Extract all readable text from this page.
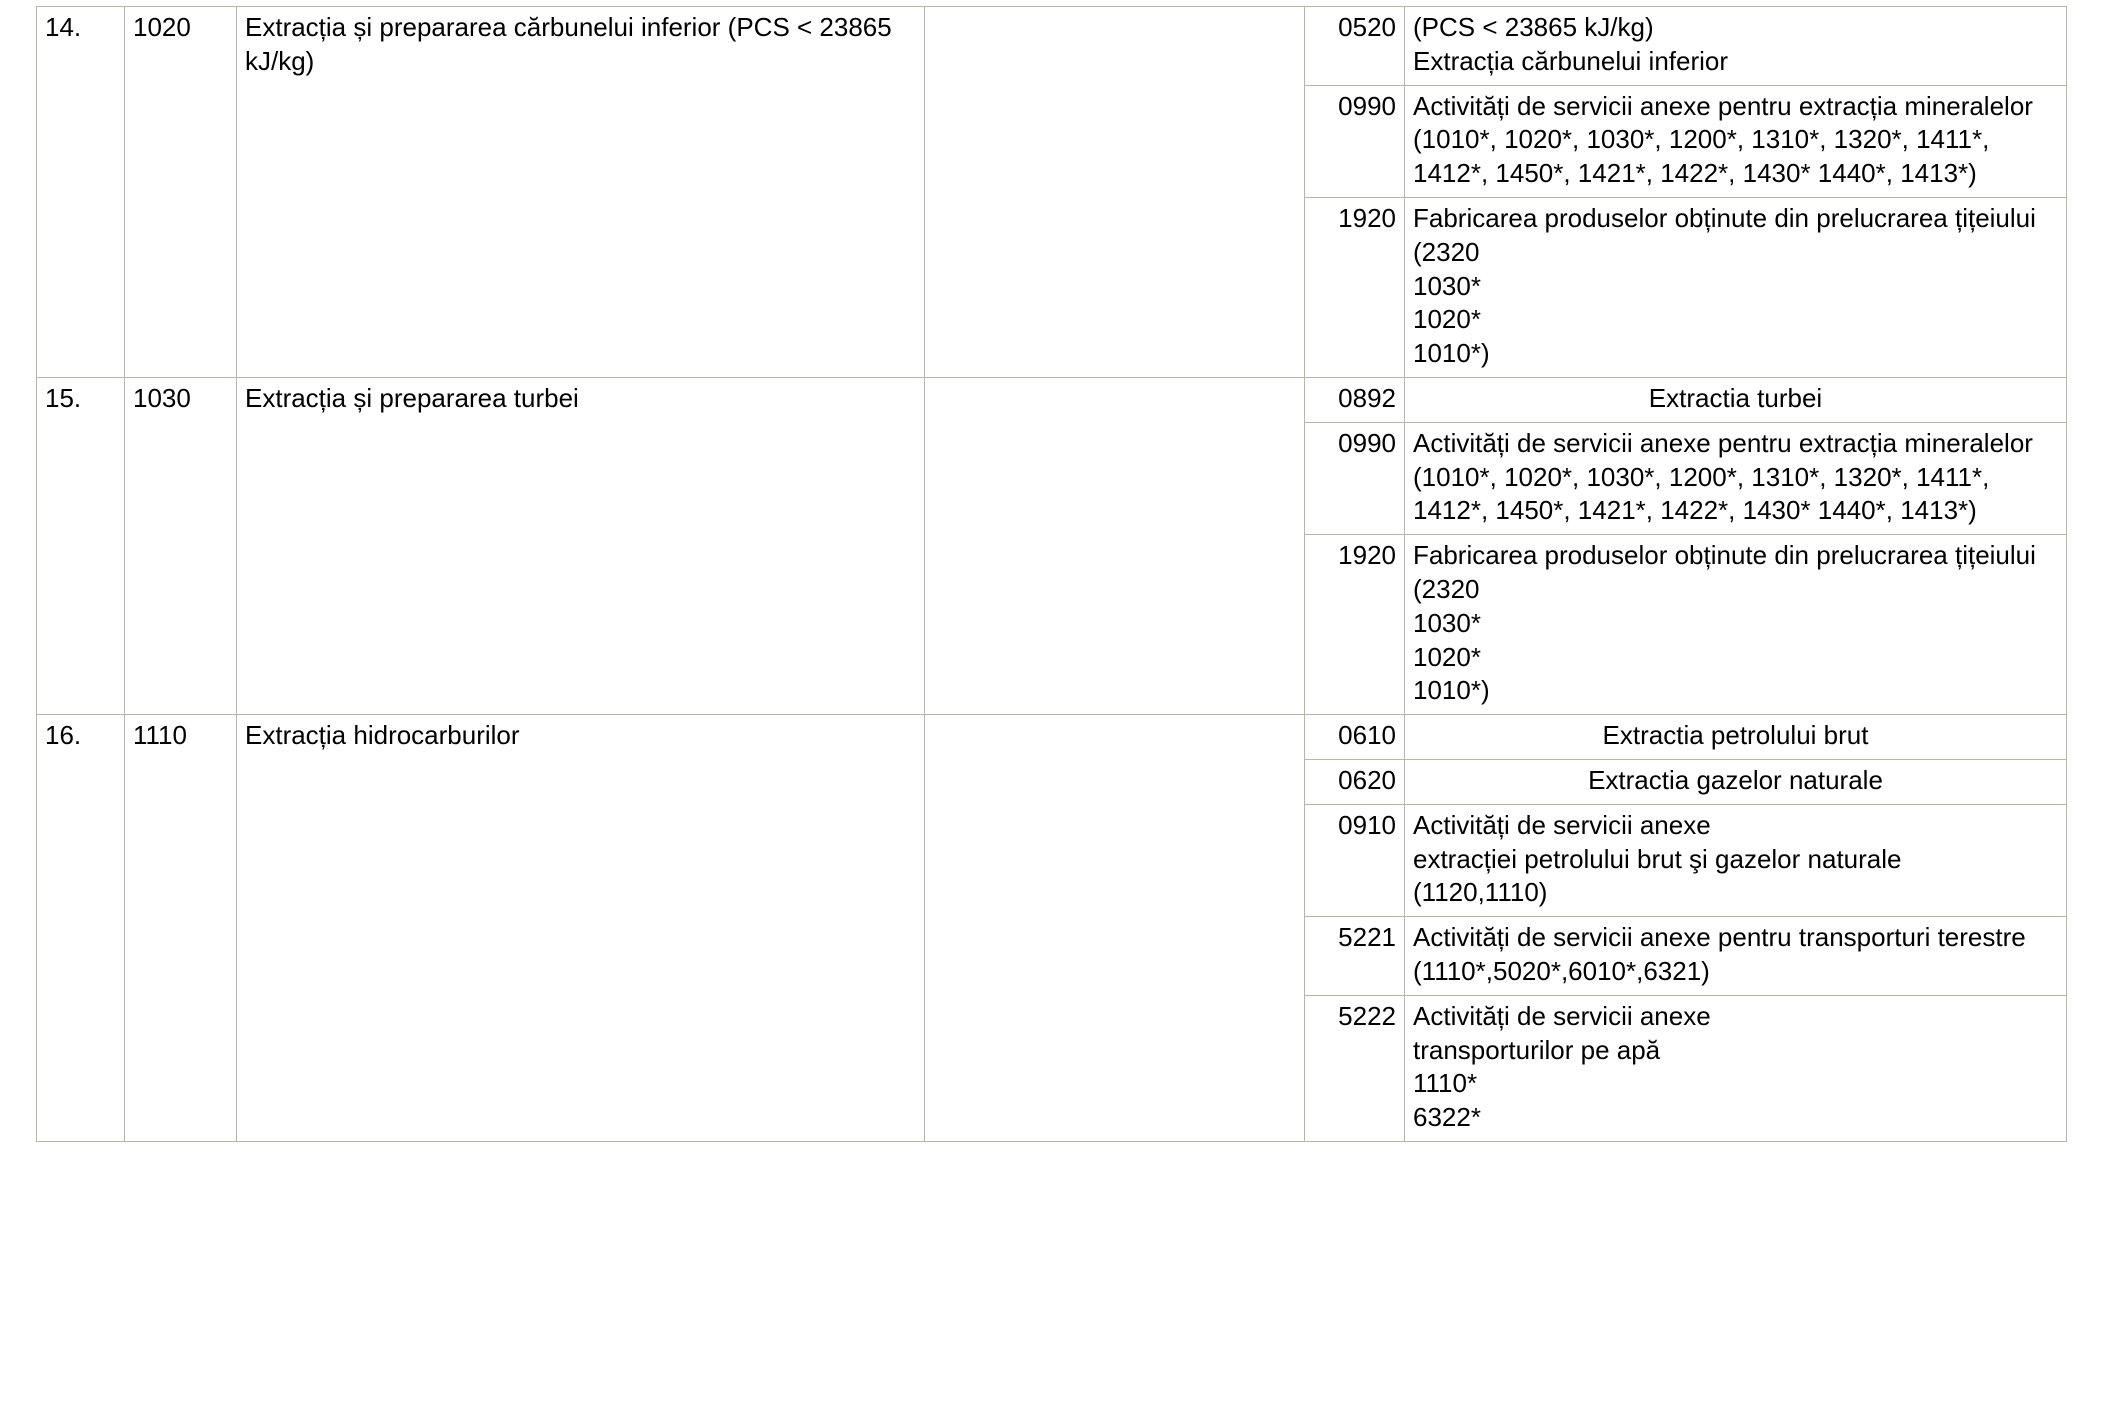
14.	1020	Extracția și prepararea cărbunelui inferior (PCS < 23865 kJ/kg)		0520	(PCS < 23865 kJ/kg)
Extracția cărbunelui inferior
				0990	Activități de servicii anexe pentru extracția mineralelor
(1010*, 1020*, 1030*, 1200*, 1310*, 1320*, 1411*, 1412*, 1450*, 1421*, 1422*, 1430* 1440*, 1413*)
				1920	Fabricarea produselor obținute din prelucrarea țițeiului (2320
1030*
1020*
1010*)
15.	1030	Extracția și prepararea turbei		0892	Extractia turbei
				0990	Activități de servicii anexe pentru extracția mineralelor
(1010*, 1020*, 1030*, 1200*, 1310*, 1320*, 1411*, 1412*, 1450*, 1421*, 1422*, 1430* 1440*, 1413*)
				1920	Fabricarea produselor obținute din prelucrarea țițeiului (2320
1030*
1020*
1010*)
16.	1110	Extracția hidrocarburilor		0610	Extractia petrolului brut
				0620	Extractia gazelor naturale
				0910	Activități de servicii anexe
extracției petrolului brut şi gazelor naturale
(1120,1110)
				5221	Activități de servicii anexe pentru transporturi terestre
(1110*,5020*,6010*,6321)
				5222	Activități de servicii anexe
transporturilor pe apă
1110*
6322*
